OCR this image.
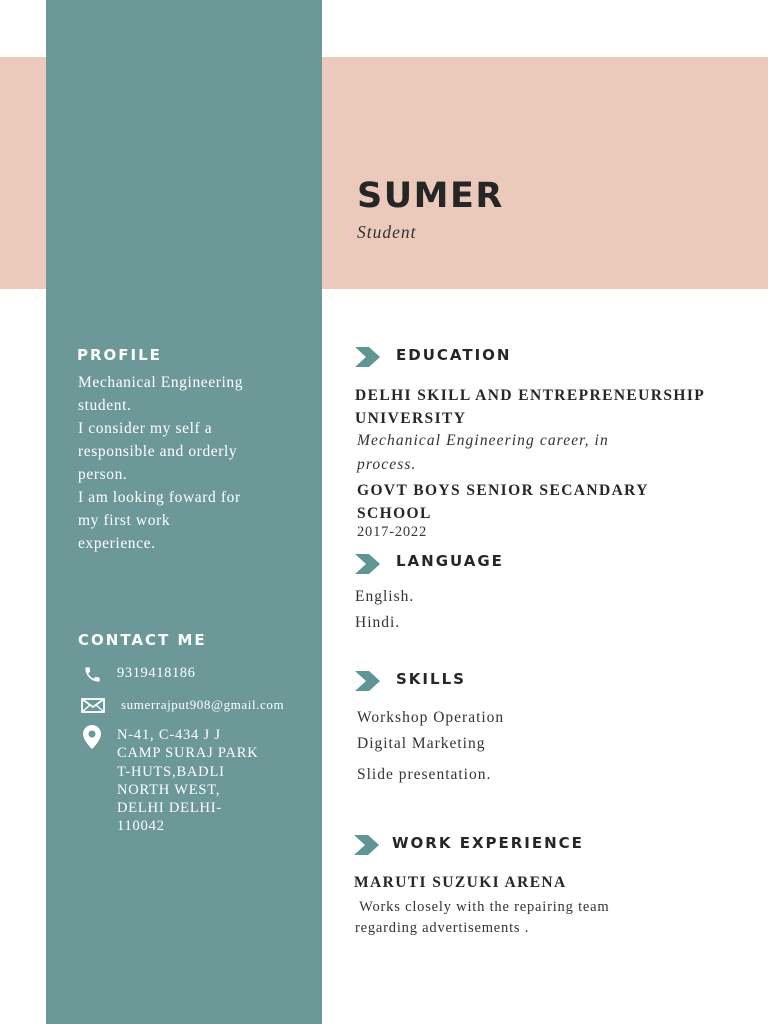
SUMER
Student
PROFILE
Mechanical Engineering
student.
I consider my self a
responsible and orderly
person.
I am looking foward for
my first work
experience.
CONTACT ME
9319418186
sumerrajput908@gmail.com
N-41, C-434 J J
CAMP SURAJ PARK
T-HUTS,BADLI
NORTH WEST,
DELHI DELHI-
110042
EDUCATION
DELHI SKILL AND ENTREPRENEURSHIP
UNIVERSITY
Mechanical Engineering career, in
process.
GOVT BOYS SENIOR SECANDARY
SCHOOL
2017-2022
LANGUAGE
English.
Hindi.
SKILLS
Workshop Operation
Digital Marketing
Slide presentation.
WORK EXPERIENCE
MARUTI SUZUKI ARENA
Works closely with the repairing team
regarding advertisements .
